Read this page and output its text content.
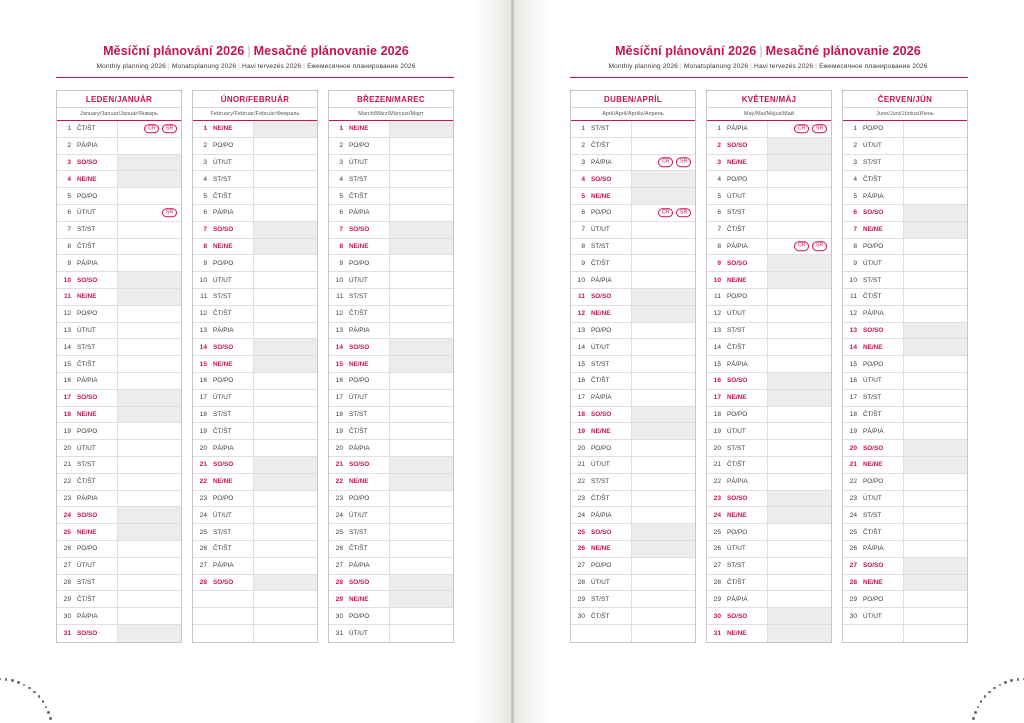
Měsíční plánování 2026 | Mesačné plánovanie 2026
Monthly planning 2026 | Monatsplanung 2026 | Havi tervezés 2026 | Ежемесячное планирование 2026
LEDEN/JANUÁR
January/Januar/Január/Январь
1 ČT/ŠT	ČR	SR
2 PÁ/PIA
3 SO/SO
4 NE/NE
5 PO/PO
6 ÚT/UT	SR
7 ST/ST
8 ČT/ŠT
9 PÁ/PIA
10 SO/SO
11 NE/NE
12 PO/PO
13 ÚT/UT
14 ST/ST
15 ČT/ŠT
16 PÁ/PIA
17 SO/SO
18 NE/NE
19 PO/PO
20 ÚT/UT
21 ST/ST
22 ČT/ŠT
23 PÁ/PIA
24 SO/SO
25 NE/NE
26 PO/PO
27 ÚT/UT
28 ST/ST
29 ČT/ŠT
30 PÁ/PIA
31 SO/SO
ÚNOR/FEBRUÁR
February/Februar/Február/Февраль
1 NE/NE
2 PO/PO
3 ÚT/UT
4 ST/ST
5 ČT/ŠT
6 PÁ/PIA
7 SO/SO
8 NE/NE
9 PO/PO
10 ÚT/UT
11 ST/ST
12 ČT/ŠT
13 PÁ/PIA
14 SO/SO
15 NE/NE
16 PO/PO
17 ÚT/UT
18 ST/ST
19 ČT/ŠT
20 PÁ/PIA
21 SO/SO
22 NE/NE
23 PO/PO
24 ÚT/UT
25 ST/ST
26 ČT/ŠT
27 PÁ/PIA
28 SO/SO
BŘEZEN/MAREC
March/März/Március/Март
1 NE/NE
2 PO/PO
3 ÚT/UT
4 ST/ST
5 ČT/ŠT
6 PÁ/PIA
7 SO/SO
8 NE/NE
9 PO/PO
10 ÚT/UT
11 ST/ST
12 ČT/ŠT
13 PÁ/PIA
14 SO/SO
15 NE/NE
16 PO/PO
17 ÚT/UT
18 ST/ST
19 ČT/ŠT
20 PÁ/PIA
21 SO/SO
22 NE/NE
23 PO/PO
24 ÚT/UT
25 ST/ST
26 ČT/ŠT
27 PÁ/PIA
28 SO/SO
29 NE/NE
30 PO/PO
31 ÚT/UT
Měsíční plánování 2026 | Mesačné plánovanie 2026
Monthly planning 2026 | Monatsplanung 2026 | Havi tervezés 2026 | Ежемесячное планирование 2026
DUBEN/APRÍL
April/April/Április/Апрель
1 ST/ST
2 ČT/ŠT
3 PÁ/PIA	ČR	SR
4 SO/SO
5 NE/NE
6 PO/PO	ČR	SR
7 ÚT/UT
8 ST/ST
9 ČT/ŠT
10 PÁ/PIA
11 SO/SO
12 NE/NE
13 PO/PO
14 ÚT/UT
15 ST/ST
16 ČT/ŠT
17 PÁ/PIA
18 SO/SO
19 NE/NE
20 PO/PO
21 ÚT/UT
22 ST/ST
23 ČT/ŠT
24 PÁ/PIA
25 SO/SO
26 NE/NE
27 PO/PO
28 ÚT/UT
29 ST/ST
30 ČT/ŠT
KVĚTEN/MÁJ
May/Mai/Május/Май
1 PÁ/PIA	ČR	SR
2 SO/SO
3 NE/NE
4 PO/PO
5 ÚT/UT
6 ST/ST
7 ČT/ŠT
8 PÁ/PIA	ČR	SR
9 SO/SO
10 NE/NE
11 PO/PO
12 ÚT/UT
13 ST/ST
14 ČT/ŠT
15 PÁ/PIA
16 SO/SO
17 NE/NE
18 PO/PO
19 ÚT/UT
20 ST/ST
21 ČT/ŠT
22 PÁ/PIA
23 SO/SO
24 NE/NE
25 PO/PO
26 ÚT/UT
27 ST/ST
28 ČT/ŠT
29 PÁ/PIA
30 SO/SO
31 NE/NE
ČERVEN/JÚN
June/Juni/Június/Июнь
1 PO/PO
2 ÚT/UT
3 ST/ST
4 ČT/ŠT
5 PÁ/PIA
6 SO/SO
7 NE/NE
8 PO/PO
9 ÚT/UT
10 ST/ST
11 ČT/ŠT
12 PÁ/PIA
13 SO/SO
14 NE/NE
15 PO/PO
16 ÚT/UT
17 ST/ST
18 ČT/ŠT
19 PÁ/PIA
20 SO/SO
21 NE/NE
22 PO/PO
23 ÚT/UT
24 ST/ST
25 ČT/ŠT
26 PÁ/PIA
27 SO/SO
28 NE/NE
29 PO/PO
30 ÚT/UT
